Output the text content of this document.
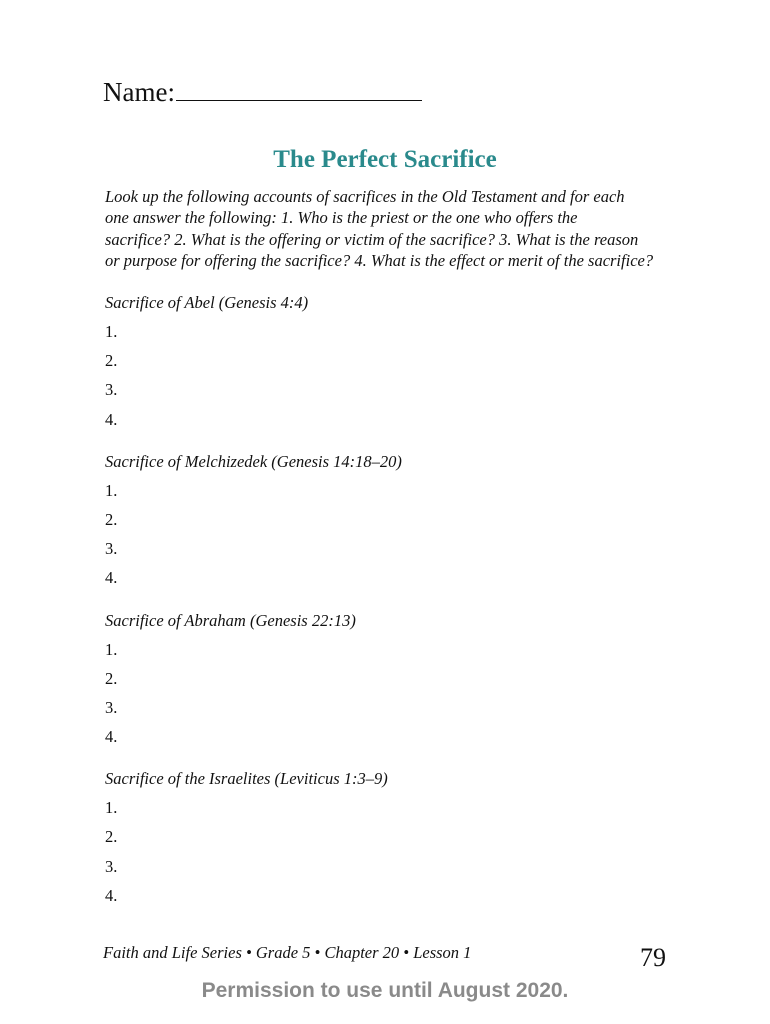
Name:
The Perfect Sacrifice
Look up the following accounts of sacrifices in the Old Testament and for each
one answer the following: 1. Who is the priest or the one who offers the
sacrifice? 2. What is the offering or victim of the sacrifice? 3. What is the reason
or purpose for offering the sacrifice? 4. What is the effect or merit of the sacrifice?
Sacrifice of Abel (Genesis 4:4)
1.
2.
3.
4.
Sacrifice of Melchizedek (Genesis 14:18–20)
1.
2.
3.
4.
Sacrifice of Abraham (Genesis 22:13)
1.
2.
3.
4.
Sacrifice of the Israelites (Leviticus 1:3–9)
1.
2.
3.
4.
Faith and Life Series • Grade 5 • Chapter 20 • Lesson 1	79
Permission to use until August 2020.
